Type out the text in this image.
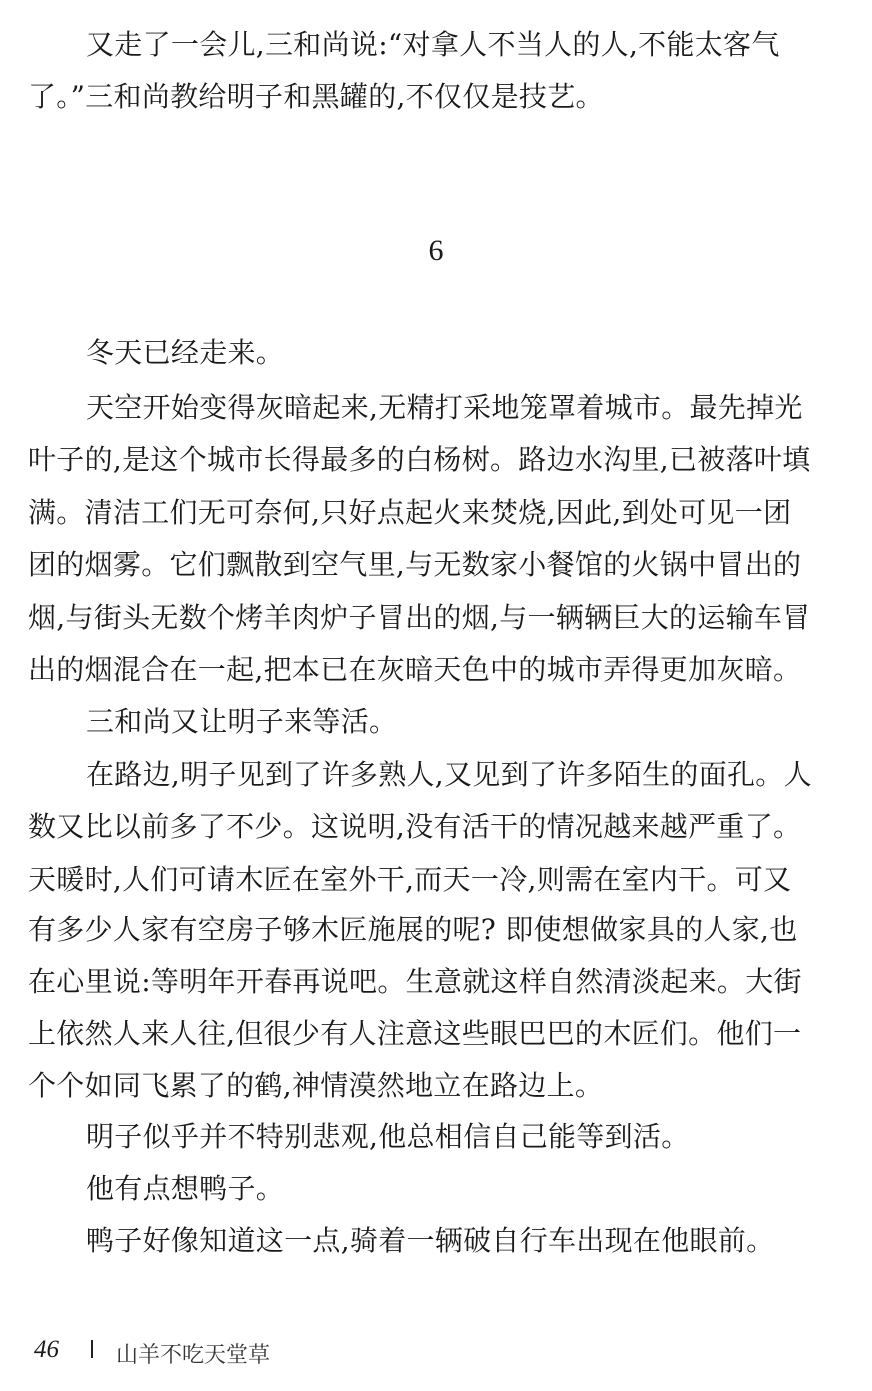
又走了一会儿,三和尚说:“对拿人不当人的人,不能太客气
了。”三和尚教给明子和黑罐的,不仅仅是技艺。
6
冬天已经走来。
天空开始变得灰暗起来,无精打采地笼罩着城市。最先掉光
叶子的,是这个城市长得最多的白杨树。路边水沟里,已被落叶填
满。清洁工们无可奈何,只好点起火来焚烧,因此,到处可见一团
团的烟雾。它们飘散到空气里,与无数家小餐馆的火锅中冒出的
烟,与街头无数个烤羊肉炉子冒出的烟,与一辆辆巨大的运输车冒
出的烟混合在一起,把本已在灰暗天色中的城市弄得更加灰暗。
三和尚又让明子来等活。
在路边,明子见到了许多熟人,又见到了许多陌生的面孔。人
数又比以前多了不少。这说明,没有活干的情况越来越严重了。
天暖时,人们可请木匠在室外干,而天一冷,则需在室内干。可又
有多少人家有空房子够木匠施展的呢? 即使想做家具的人家,也
在心里说:等明年开春再说吧。生意就这样自然清淡起来。大街
上依然人来人往,但很少有人注意这些眼巴巴的木匠们。他们一
个个如同飞累了的鹤,神情漠然地立在路边上。
明子似乎并不特别悲观,他总相信自己能等到活。
他有点想鸭子。
鸭子好像知道这一点,骑着一辆破自行车出现在他眼前。
46	山羊不吃天堂草
